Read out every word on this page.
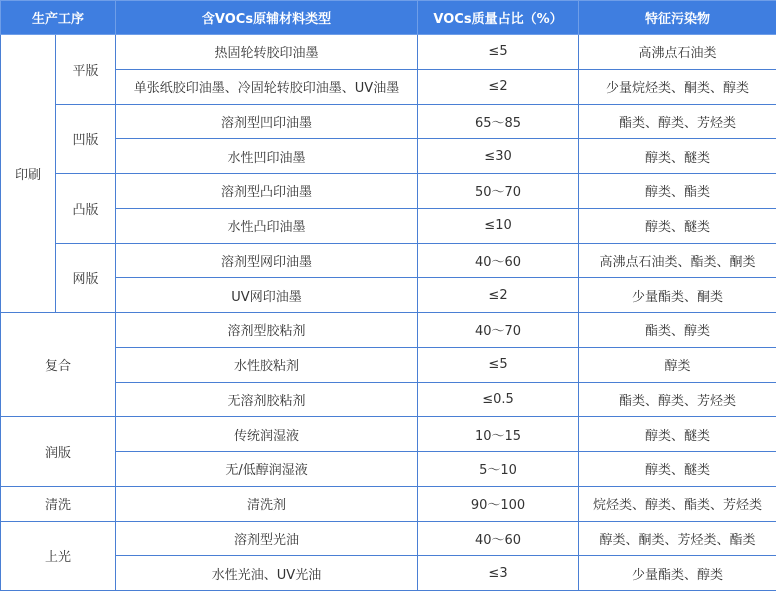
生产工序		含VOCs原辅材料类型	VOCs质量占比（%）	特征污染物
印刷	平版	热固轮转胶印油墨	≤5	高沸点石油类
		单张纸胶印油墨、冷固轮转胶印油墨、UV油墨	≤2	少量烷烃类、酮类、醇类
	凹版	溶剂型凹印油墨	65～85	酯类、醇类、芳烃类
		水性凹印油墨	≤30	醇类、醚类
	凸版	溶剂型凸印油墨	50～70	醇类、酯类
		水性凸印油墨	≤10	醇类、醚类
	网版	溶剂型网印油墨	40～60	高沸点石油类、酯类、酮类
		UV网印油墨	≤2	少量酯类、酮类
复合		溶剂型胶粘剂	40～70	酯类、醇类
		水性胶粘剂	≤5	醇类
		无溶剂胶粘剂	≤0.5	酯类、醇类、芳烃类
润版		传统润湿液	10～15	醇类、醚类
		无/低醇润湿液	5～10	醇类、醚类
清洗		清洗剂	90～100	烷烃类、醇类、酯类、芳烃类
上光		溶剂型光油	40～60	醇类、酮类、芳烃类、酯类
		水性光油、UV光油	≤3	少量酯类、醇类
